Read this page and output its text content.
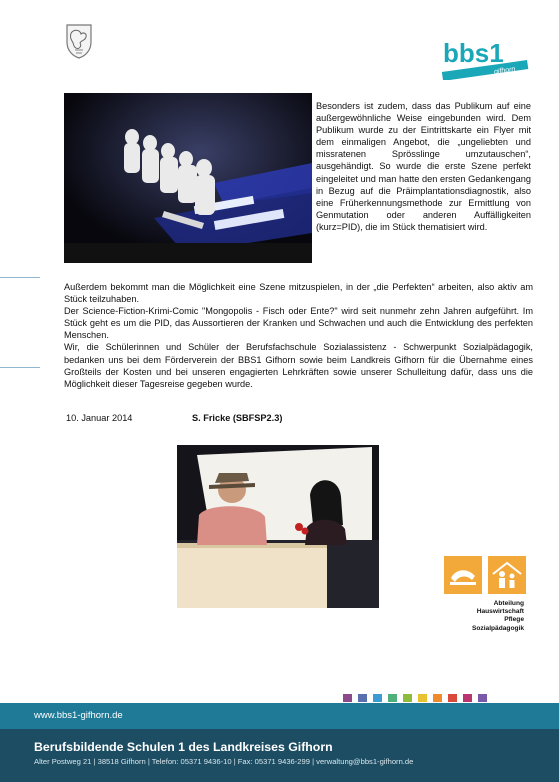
bbs1
gifhorn
Besonders ist zudem, dass das Publikum auf eine außergewöhnliche Weise eingebunden wird. Dem Publikum wurde zu der Eintrittskarte ein Flyer mit dem einmaligen Angebot, die „ungeliebten und missratenen Sprösslinge umzutauschen“, ausgehändigt. So wurde die erste Szene perfekt eingeleitet und man hatte den ersten Gedankengang in Bezug auf die Präimplantationsdiagnostik, also eine Früherkennungsmethode zur Ermittlung von Genmutation oder anderen Auffälligkeiten (kurz=PID), die im Stück thematisiert wird.

Außerdem bekommt man die Möglichkeit eine Szene mitzuspielen, in der „die Perfekten“ arbeiten, also aktiv am Stück teilzuhaben.

Der Science-Fiction-Krimi-Comic "Mongopolis - Fisch oder Ente?" wird seit nunmehr zehn Jahren aufgeführt. Im Stück geht es um die PID, das Aussortieren der Kranken und Schwachen und auch die Entwicklung des perfekten Menschen.

Wir, die Schülerinnen und Schüler der Berufsfachschule Sozialassistenz - Schwerpunkt Sozialpädagogik, bedanken uns bei dem Förderverein der BBS1 Gifhorn sowie beim Landkreis Gifhorn für die Übernahme eines Großteils der Kosten und bei unseren engagierten Lehrkräften sowie unserer Schulleitung dafür, dass uns die Möglichkeit dieser Tagesreise gegeben wurde.

10. Januar 2014	S. Fricke (SBFSP2.3)
Abteilung
Hauswirtschaft
Pflege
Sozialpädagogik
www.bbs1-gifhorn.de
Berufsbildende Schulen 1 des Landkreises Gifhorn
Alter Postweg 21 | 38518 Gifhorn | Telefon: 05371 9436-10 | Fax: 05371 9436-299 | verwaltung@bbs1-gifhorn.de
